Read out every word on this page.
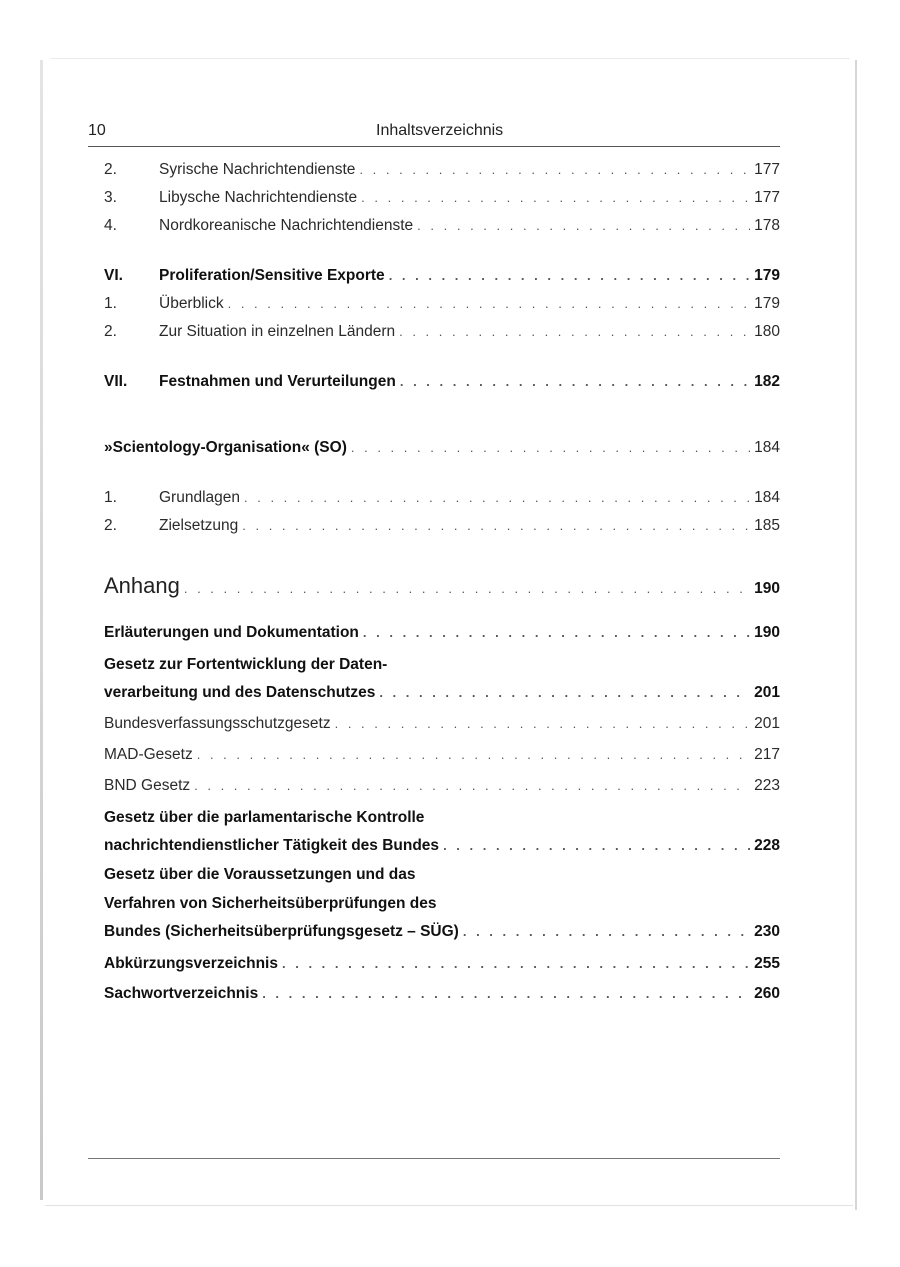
10	Inhaltsverzeichnis
2.	Syrische Nachrichtendienste . . .	177
3.	Libysche Nachrichtendienste . . .	177
4.	Nordkoreanische Nachrichtendienste . . .	178
VI.	Proliferation/Sensitive Exporte . . .	179
1.	Überblick . . .	179
2.	Zur Situation in einzelnen Ländern . . .	180
VII.	Festnahmen und Verurteilungen . . .	182
»Scientology-Organisation« (SO) . . .	184
1.	Grundlagen . . .	184
2.	Zielsetzung . . .	185
Anhang . . .	190
Erläuterungen und Dokumentation . . .	190
Gesetz zur Fortentwicklung der Daten-
verarbeitung und des Datenschutzes . . .	201
Bundesverfassungsschutzgesetz . . .	201
MAD-Gesetz . . .	217
BND Gesetz . . .	223
Gesetz über die parlamentarische Kontrolle
nachrichtendienstlicher Tätigkeit des Bundes . . .	228
Gesetz über die Voraussetzungen und das
Verfahren von Sicherheitsüberprüfungen des
Bundes (Sicherheitsüberprüfungsgesetz – SÜG) . . .	230
Abkürzungsverzeichnis . . .	255
Sachwortverzeichnis . . .	260
